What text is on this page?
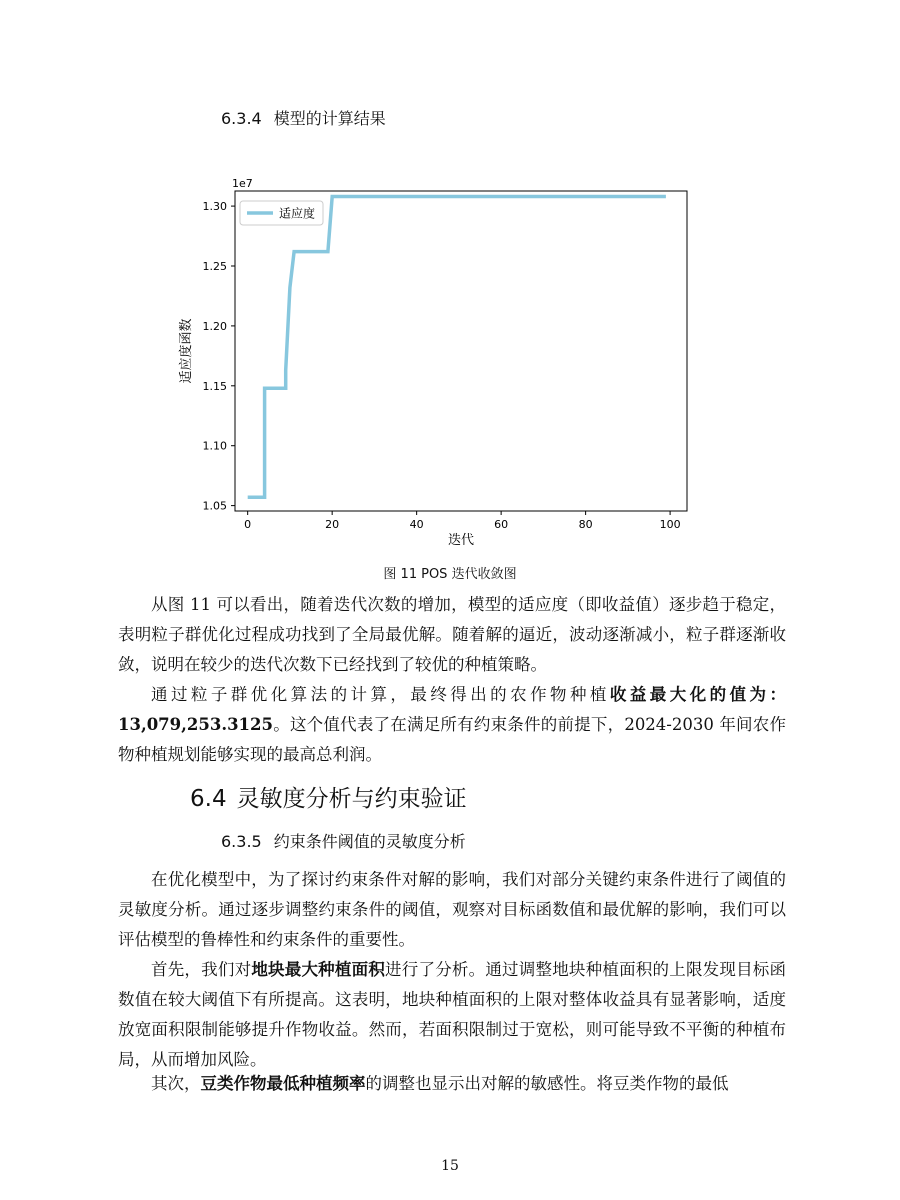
6.3.4 模型的计算结果
1.05
1.10
1.15
1.20
1.25
1.30
0	20	40	60	80	100
1e7
适应度函数
迭代
适应度
图 11 POS 迭代收敛图
从图 11 可以看出，随着迭代次数的增加，模型的适应度（即收益值）逐步趋于稳定，表明粒子群优化过程成功找到了全局最优解。随着解的逼近，波动逐渐减小，粒子群逐渐收敛，说明在较少的迭代次数下已经找到了较优的种植策略。
通过粒子群优化算法的计算，最终得出的农作物种植收益最大化的值为：13,079,253.3125。这个值代表了在满足所有约束条件的前提下，2024-2030 年间农作物种植规划能够实现的最高总利润。
6.4 灵敏度分析与约束验证
6.3.5 约束条件阈值的灵敏度分析
在优化模型中，为了探讨约束条件对解的影响，我们对部分关键约束条件进行了阈值的灵敏度分析。通过逐步调整约束条件的阈值，观察对目标函数值和最优解的影响，我们可以评估模型的鲁棒性和约束条件的重要性。
首先，我们对地块最大种植面积进行了分析。通过调整地块种植面积的上限发现目标函数值在较大阈值下有所提高。这表明，地块种植面积的上限对整体收益具有显著影响，适度放宽面积限制能够提升作物收益。然而，若面积限制过于宽松，则可能导致不平衡的种植布局，从而增加风险。
其次，豆类作物最低种植频率的调整也显示出对解的敏感性。将豆类作物的最低
15
